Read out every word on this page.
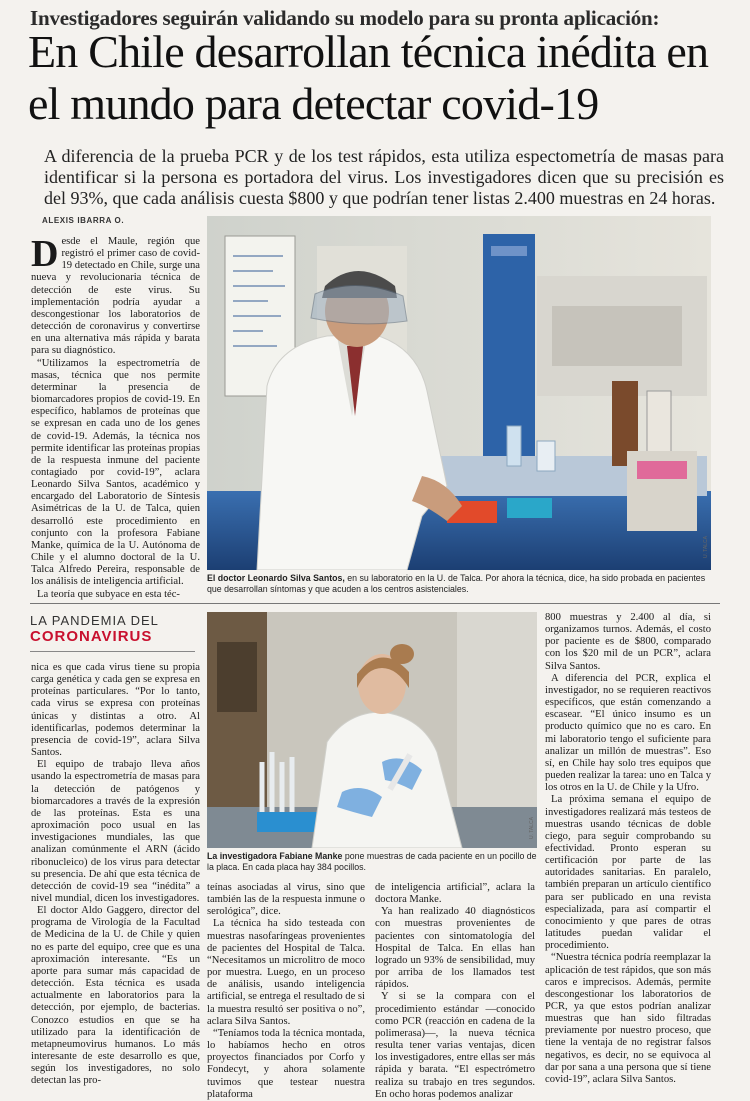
Investigadores seguirán validando su modelo para su pronta aplicación:
En Chile desarrollan técnica inédita en el mundo para detectar covid-19
A diferencia de la prueba PCR y de los test rápidos, esta utiliza espectometría de masas para identificar si la persona es portadora del virus. Los investigadores dicen que su precisión es del 93%, que cada análisis cuesta $800 y que podrían tener listas 2.400 muestras en 24 horas.
ALEXIS IBARRA O.

Desde el Maule, región que registró el primer caso de covid-19 detectado en Chile, surge una nueva y revolucionaria técnica de detección de este virus. Su implementación podría ayudar a descongestionar los laboratorios de detección de coronavirus y convertirse en una alternativa más rápida y barata para su diagnóstico.

“Utilizamos la espectrometría de masas, técnica que nos permite determinar la presencia de biomarcadores propios de covid-19. En específico, hablamos de proteínas que se expresan en cada uno de los genes de covid-19. Además, la técnica nos permite identificar las proteínas propias de la respuesta inmune del paciente contagiado por covid-19”, aclara Leonardo Silva Santos, académico y encargado del Laboratorio de Síntesis Asimétricas de la U. de Talca, quien desarrolló este procedimiento en conjunto con la profesora Fabiane Manke, química de la U. Autónoma de Chile y el alumno doctoral de la U. Talca Alfredo Pereira, responsable de los análisis de inteligencia artificial.

La teoría que subyace en esta téc-

U. TALCA
El doctor Leonardo Silva Santos, en su laboratorio en la U. de Talca. Por ahora la técnica, dice, ha sido probada en pacientes que desarrollan síntomas y que acuden a los centros asistenciales.
LA PANDEMIA DEL
CORONAVIRUS
U. TALCA
La investigadora Fabiane Manke pone muestras de cada paciente en un pocillo de la placa. En cada placa hay 384 pocillos.

nica es que cada virus tiene su propia carga genética y cada gen se expresa en proteínas particulares. “Por lo tanto, cada virus se expresa con proteínas únicas y distintas a otro. Al identificarlas, podemos determinar la presencia de covid-19”, aclara Silva Santos.

El equipo de trabajo lleva años usando la espectrometría de masas para la detección de patógenos y biomarcadores a través de la expresión de las proteínas. Esta es una aproximación poco usual en las investigaciones mundiales, las que analizan comúnmente el ARN (ácido ribonucleico) de los virus para detectar su presencia. De ahí que esta técnica de detección de covid-19 sea “inédita” a nivel mundial, dicen los investigadores.

El doctor Aldo Gaggero, director del programa de Virología de la Facultad de Medicina de la U. de Chile y quien no es parte del equipo, cree que es una aproximación interesante. “Es un aporte para sumar más capacidad de detección. Esta técnica es usada actualmente en laboratorios para la detección, por ejemplo, de bacterias. Conozco estudios en que se ha utilizado para la identificación de metapneumovirus humanos. Lo más interesante de este desarrollo es que, según los investigadores, no solo detectan las pro-

teínas asociadas al virus, sino que también las de la respuesta inmune o serológica”, dice.

La técnica ha sido testeada con muestras nasofaríngeas provenientes de pacientes del Hospital de Talca. “Necesitamos un microlitro de moco por muestra. Luego, en un proceso de análisis, usando inteligencia artificial, se entrega el resultado de si la muestra resultó ser positiva o no”, aclara Silva Santos.

“Teníamos toda la técnica montada, lo habíamos hecho en otros proyectos financiados por Corfo y Fondecyt, y ahora solamente tuvimos que testear nuestra plataforma

de inteligencia artificial”, aclara la doctora Manke.

Ya han realizado 40 diagnósticos con muestras provenientes de pacientes con sintomatología del Hospital de Talca. En ellas han logrado un 93% de sensibilidad, muy por arriba de los llamados test rápidos.

Y si se la compara con el procedimiento estándar —conocido como PCR (reacción en cadena de la polimerasa)—, la nueva técnica resulta tener varias ventajas, dicen los investigadores, entre ellas ser más rápida y barata. “El espectrómetro realiza su trabajo en tres segundos. En ocho horas podemos analizar

800 muestras y 2.400 al día, si organizamos turnos. Además, el costo por paciente es de $800, comparado con los $20 mil de un PCR”, aclara Silva Santos.

A diferencia del PCR, explica el investigador, no se requieren reactivos específicos, que están comenzando a escasear. “El único insumo es un producto químico que no es caro. En mi laboratorio tengo el suficiente para analizar un millón de muestras”. Eso sí, en Chile hay solo tres equipos que pueden realizar la tarea: uno en Talca y los otros en la U. de Chile y la Ufro.

La próxima semana el equipo de investigadores realizará más testeos de muestras usando técnicas de doble ciego, para seguir comprobando su efectividad. Pronto esperan su certificación por parte de las autoridades sanitarias. En paralelo, también preparan un artículo científico para ser publicado en una revista especializada, para así compartir el conocimiento y que pares de otras latitudes puedan validar el procedimiento.

“Nuestra técnica podría reemplazar la aplicación de test rápidos, que son más caros e imprecisos. Además, permite descongestionar los laboratorios de PCR, ya que estos podrían analizar muestras que han sido filtradas previamente por nuestro proceso, que tiene la ventaja de no registrar falsos negativos, es decir, no se equivoca al dar por sana a una persona que sí tiene covid-19”, aclara Silva Santos.
